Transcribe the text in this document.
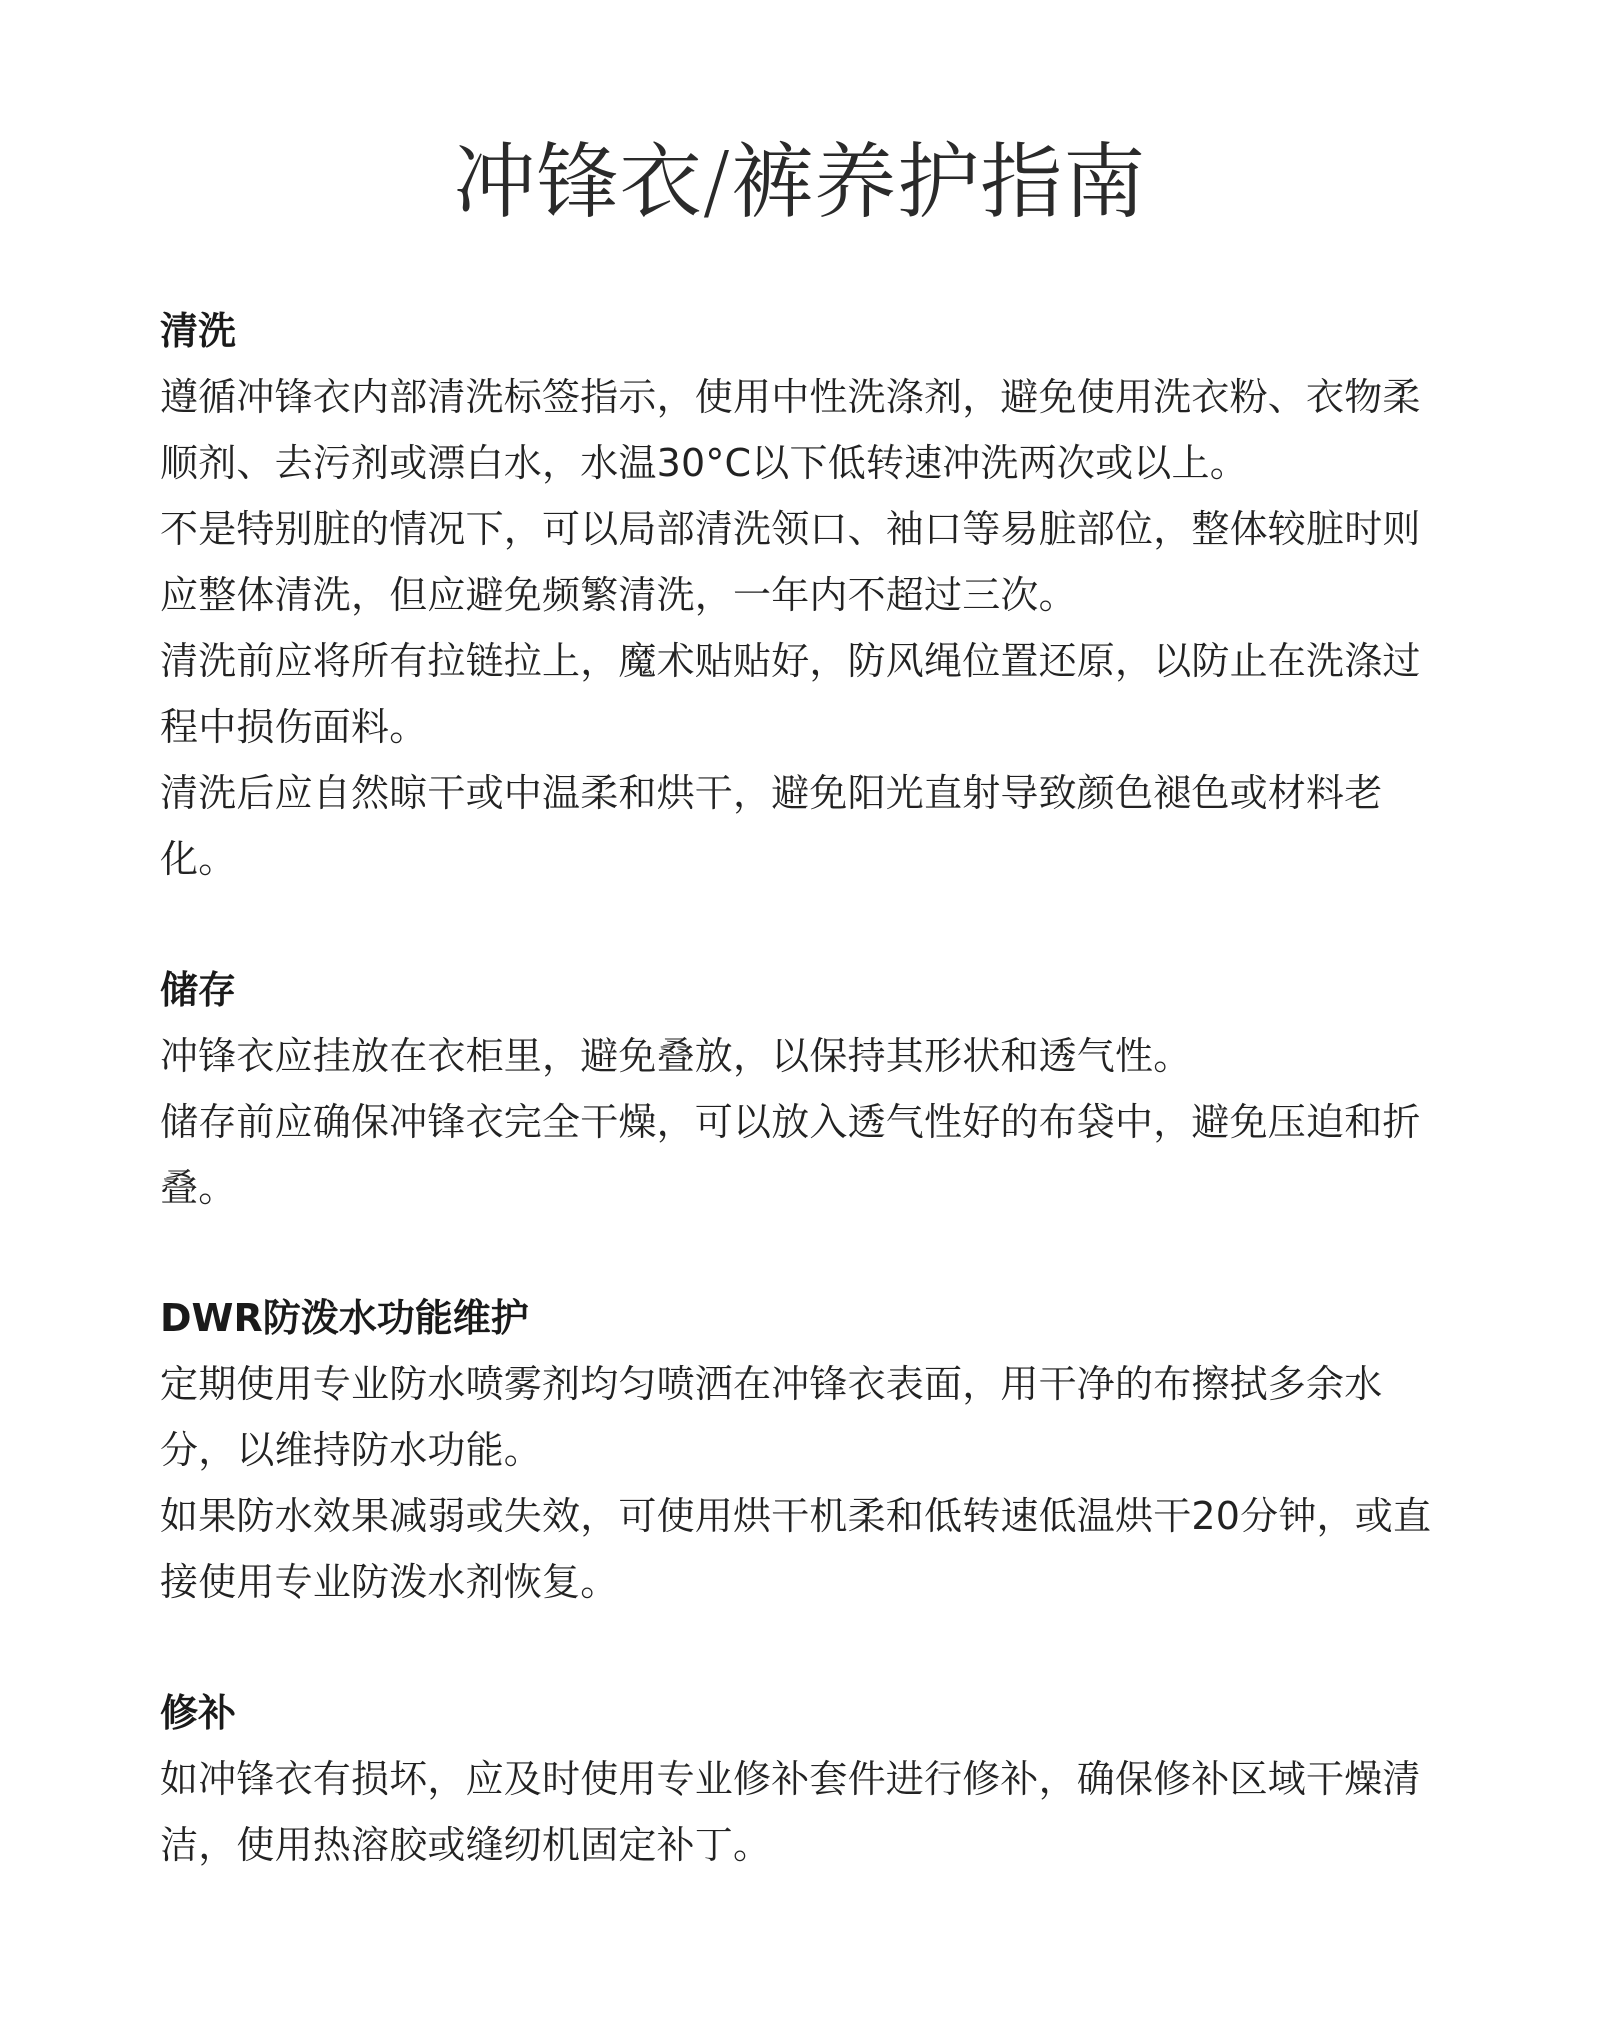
冲锋衣/裤养护指南
清洗

遵循冲锋衣内部清洗标签指示，使用中性洗涤剂，避免使用洗衣粉、衣物柔顺剂、去污剂或漂白水，水温30°C以下低转速冲洗两次或以上。

不是特别脏的情况下，可以局部清洗领口、袖口等易脏部位，整体较脏时则应整体清洗，但应避免频繁清洗，一年内不超过三次。

清洗前应将所有拉链拉上，魔术贴贴好，防风绳位置还原，以防止在洗涤过程中损伤面料。

清洗后应自然晾干或中温柔和烘干，避免阳光直射导致颜色褪色或材料老化。

储存

冲锋衣应挂放在衣柜里，避免叠放，以保持其形状和透气性。

储存前应确保冲锋衣完全干燥，可以放入透气性好的布袋中，避免压迫和折叠。

DWR防泼水功能维护

定期使用专业防水喷雾剂均匀喷洒在冲锋衣表面，用干净的布擦拭多余水分，以维持防水功能。

如果防水效果减弱或失效，可使用烘干机柔和低转速低温烘干20分钟，或直接使用专业防泼水剂恢复。

修补

如冲锋衣有损坏，应及时使用专业修补套件进行修补，确保修补区域干燥清洁，使用热溶胶或缝纫机固定补丁。
